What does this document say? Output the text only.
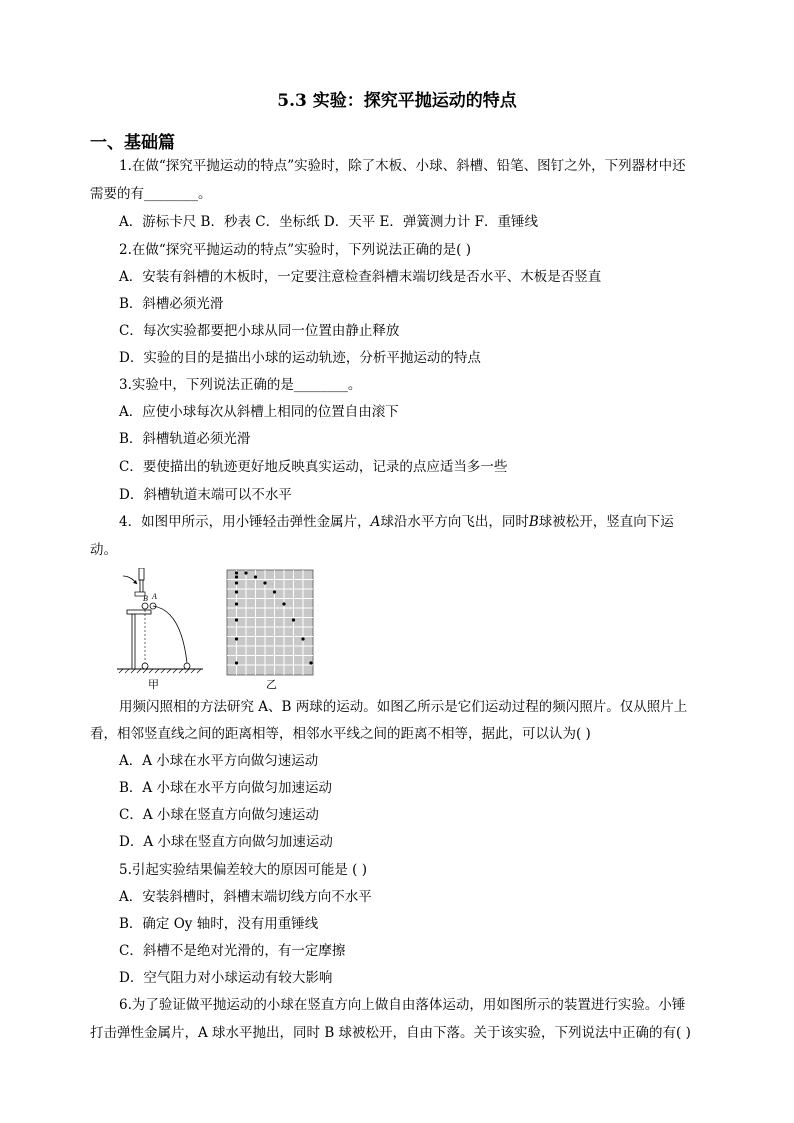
5.3 实验：探究平抛运动的特点
一、基础篇
1.在做“探究平抛运动的特点”实验时，除了木板、小球、斜槽、铅笔、图钉之外，下列器材中还
需要的有________。
A．游标卡尺 B．秒表 C．坐标纸 D．天平 E．弹簧测力计 F．重锤线
2.在做“探究平抛运动的特点”实验时，下列说法正确的是( )
A．安装有斜槽的木板时，一定要注意检查斜槽末端切线是否水平、木板是否竖直
B．斜槽必须光滑
C．每次实验都要把小球从同一位置由静止释放
D．实验的目的是描出小球的运动轨迹，分析平抛运动的特点
3.实验中，下列说法正确的是________。
A．应使小球每次从斜槽上相同的位置自由滚下
B．斜槽轨道必须光滑
C．要使描出的轨迹更好地反映真实运动，记录的点应适当多一些
D．斜槽轨道末端可以不水平
4．如图甲所示，用小锤轻击弹性金属片，A球沿水平方向飞出，同时B球被松开，竖直向下运
动。
B A
甲	乙
用频闪照相的方法研究 A、B 两球的运动。如图乙所示是它们运动过程的频闪照片。仅从照片上
看，相邻竖直线之间的距离相等，相邻水平线之间的距离不相等，据此，可以认为( )
A．A 小球在水平方向做匀速运动
B．A 小球在水平方向做匀加速运动
C．A 小球在竖直方向做匀速运动
D．A 小球在竖直方向做匀加速运动
5.引起实验结果偏差较大的原因可能是 ( )
A．安装斜槽时，斜槽末端切线方向不水平
B．确定 Oy 轴时，没有用重锤线
C．斜槽不是绝对光滑的，有一定摩擦
D．空气阻力对小球运动有较大影响
6.为了验证做平抛运动的小球在竖直方向上做自由落体运动，用如图所示的装置进行实验。小锤
打击弹性金属片，A 球水平抛出，同时 B 球被松开，自由下落。关于该实验，下列说法中正确的有( )
